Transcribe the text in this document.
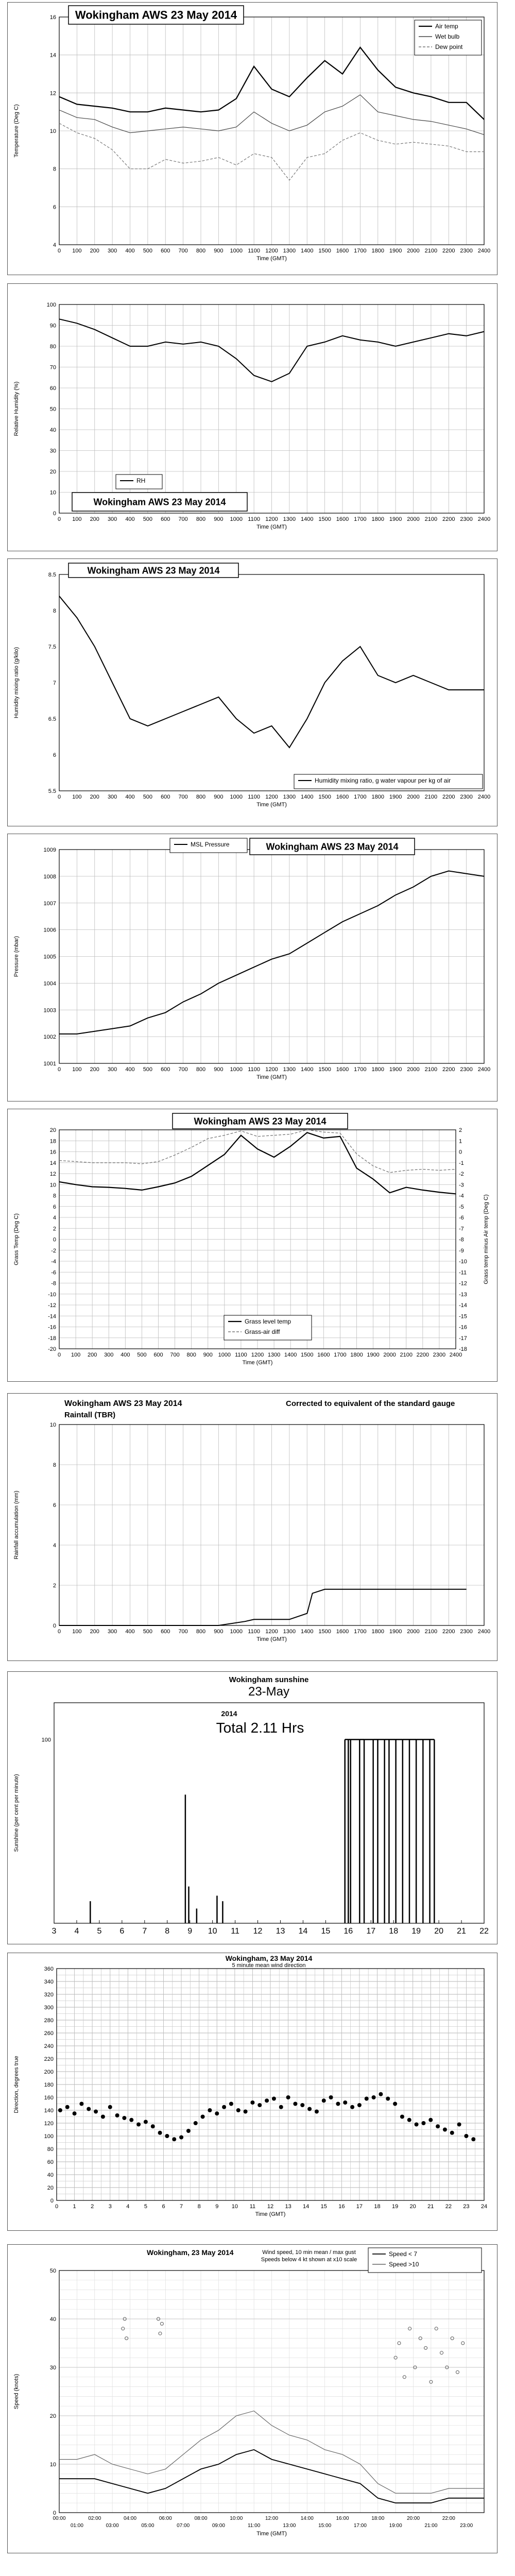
0 100 200 300 400 500 600 700 800 900 1000 1100 1200 1300 1400 1500 1600 1700 1800 1900 2000 2100 2200 2300 2400
4
6
8
10
12
14
16
Time (GMT)
Temperature (Deg C)
Wokingham AWS 23 May 2014
Air temp
Wet bulb
Dew point
0 100 200 300 400 500 600 700 800 900 1000 1100 1200 1300 1400 1500 1600 1700 1800 1900 2000 2100 2200 2300 2400
0
10
20
30
40
50
60
70
80
90
100
Time (GMT)
Relative Humidity (%)
RH
Wokingham AWS 23 May 2014
0 100 200 300 400 500 600 700 800 900 1000 1100 1200 1300 1400 1500 1600 1700 1800 1900 2000 2100 2200 2300 2400
5.5
6
6.5
7
7.5
8
8.5
Time (GMT)
Humidity mixing ratio (g/kilo)
Wokingham AWS 23 May 2014
Humidity mixing ratio, g water vapour per kg of air
0 100 200 300 400 500 600 700 800 900 1000 1100 1200 1300 1400 1500 1600 1700 1800 1900 2000 2100 2200 2300 2400
1001
1002
1003
1004
1005
1006
1007
1008
1009
Time (GMT)
Pressure (mbar)
MSL Pressure	Wokingham AWS 23 May 2014
0 100 200 300 400 500 600 700 800 900 1000 1100 1200 1300 1400 1500 1600 1700 1800 1900 2000 2100 2200 2300 2400
-20
-18
-16
-14
-12
-10
-8
-6
-4
-2
0
2
4
6
8
10
12
14
16
18
20
-18
-17
-16
-15
-14
-13
-12
-11
-10
-9
-8
-7
-6
-5
-4
-3
-2
-1
0
1
2
Time (GMT)
Grass Temp (Deg C)	Grass temp minus Air temp (Deg C)
Wokingham AWS 23 May 2014
Grass level temp
Grass-air diff
0 100 200 300 400 500 600 700 800 900 1000 1100 1200 1300 1400 1500 1600 1700 1800 1900 2000 2100 2200 2300 2400
0
2
4
6
8
10
Time (GMT)
Rainfall accumulation (mm)
Wokingham AWS 23 May 2014
Raintall (TBR)
Corrected to equivalent of the standard gauge
Sunshine (per cent per minute)
3 4 5 6 7 8 9 10 11 12 13 14 15 16 17 18 19 20 21 22
100
Wokingham sunshine
23-May
2014
Total 2.11 Hrs
0	1	2	3	4	5	6	7	8	9 10 11 12 13 14 15 16 17 18 19 20 21 22 23 24
0
20
40
60
80
100
120
140
160
180
200
220
240
260
280
300
320
340
360
Time (GMT)
Direction, degrees true
Wokingham, 23 May 2014
5 minute mean wind direction
0
10
20
30
40
50
00:00	02:00	04:00	06:00	08:00	10:00	12:00	14:00	16:00	18:00	20:00	22:00
01:00	03:00	05:00	07:00	09:00	11:00	13:00	15:00	17:00	19:00	21:00	23:00
Time (GMT)
Speed (knots)
Wokingham, 23 May 2014	Wind speed, 10 min mean / max gust
Speeds below 4 kt shown at x10 scale
Speed < 7
Speed >10
